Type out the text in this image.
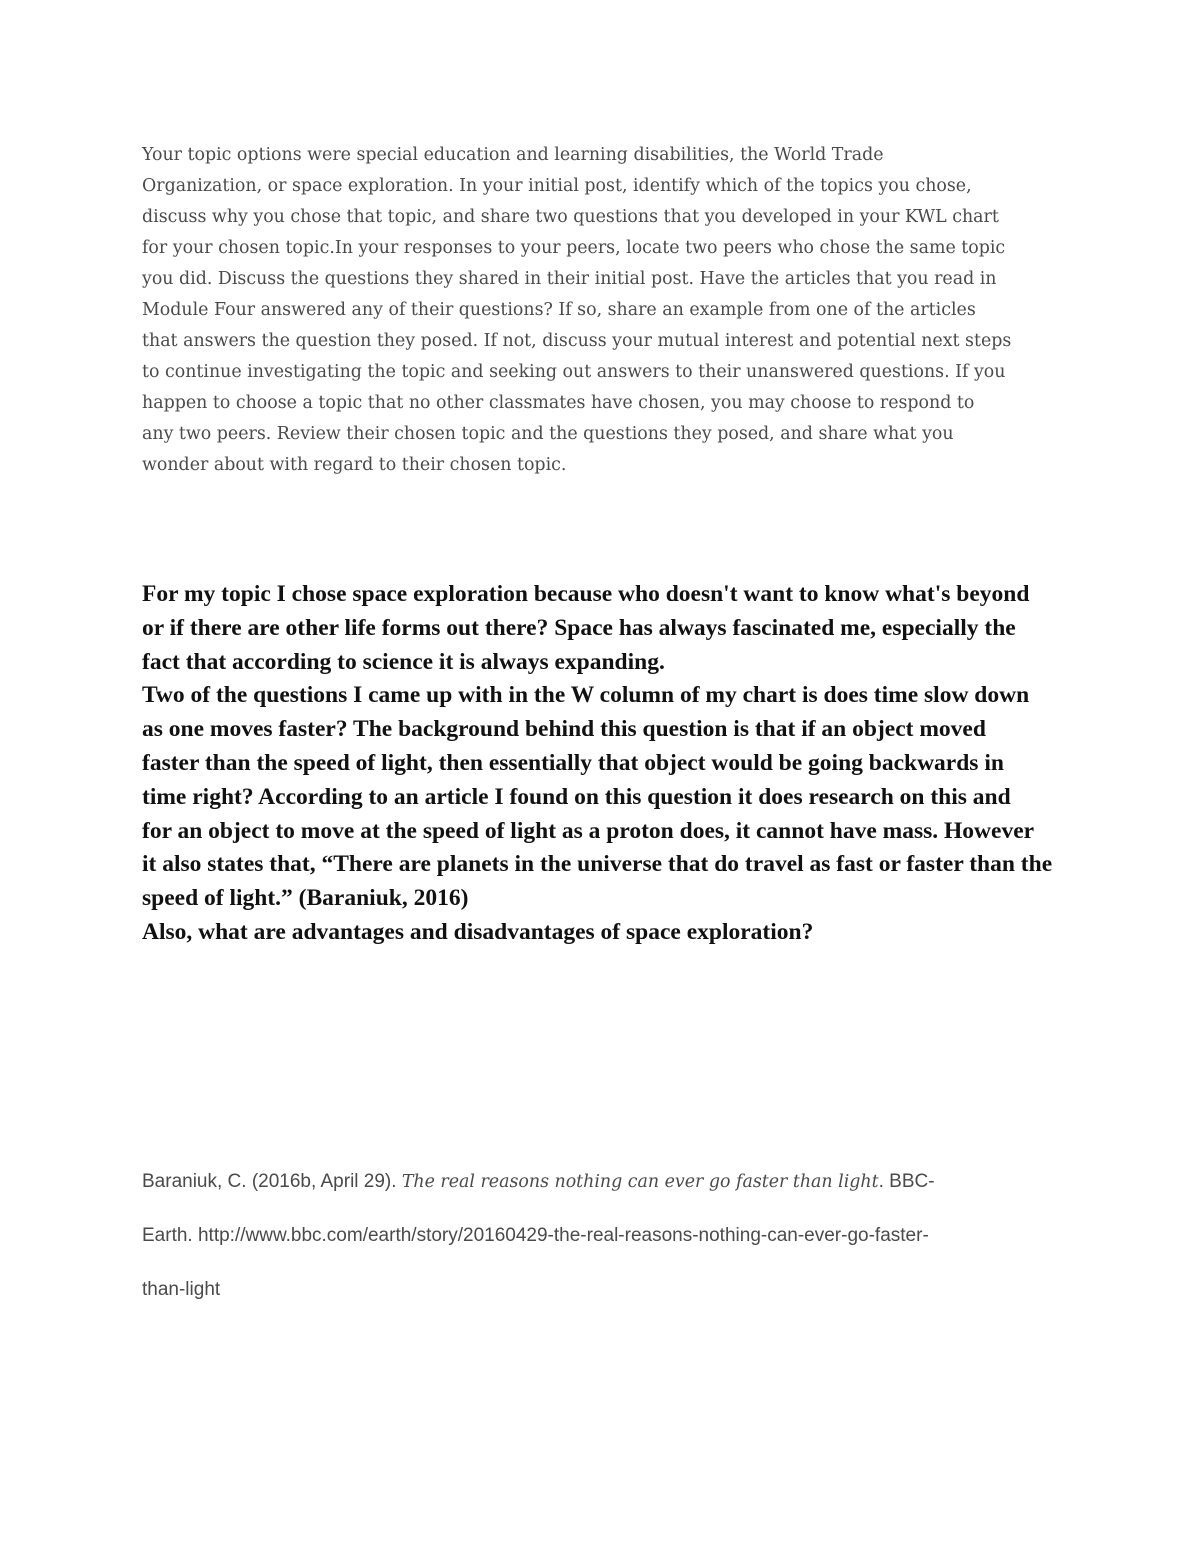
Your topic options were special education and learning disabilities, the World Trade
Organization, or space exploration. In your initial post, identify which of the topics you chose,
discuss why you chose that topic, and share two questions that you developed in your KWL chart
for your chosen topic.In your responses to your peers, locate two peers who chose the same topic
you did. Discuss the questions they shared in their initial post. Have the articles that you read in
Module Four answered any of their questions? If so, share an example from one of the articles
that answers the question they posed. If not, discuss your mutual interest and potential next steps
to continue investigating the topic and seeking out answers to their unanswered questions. If you
happen to choose a topic that no other classmates have chosen, you may choose to respond to
any two peers. Review their chosen topic and the questions they posed, and share what you
wonder about with regard to their chosen topic.
For my topic I chose space exploration because who doesn't want to know what's beyond
or if there are other life forms out there? Space has always fascinated me, especially the
fact that according to science it is always expanding.
Two of the questions I came up with in the W column of my chart is does time slow down
as one moves faster? The background behind this question is that if an object moved
faster than the speed of light, then essentially that object would be going backwards in
time right? According to an article I found on this question it does research on this and
for an object to move at the speed of light as a proton does, it cannot have mass. However
it also states that, “There are planets in the universe that do travel as fast or faster than the
speed of light.” (Baraniuk, 2016)
Also, what are advantages and disadvantages of space exploration?
Baraniuk, C. (2016b, April 29). The real reasons nothing can ever go faster than light. BBC-
Earth. http://www.bbc.com/earth/story/20160429-the-real-reasons-nothing-can-ever-go-faster-
than-light
